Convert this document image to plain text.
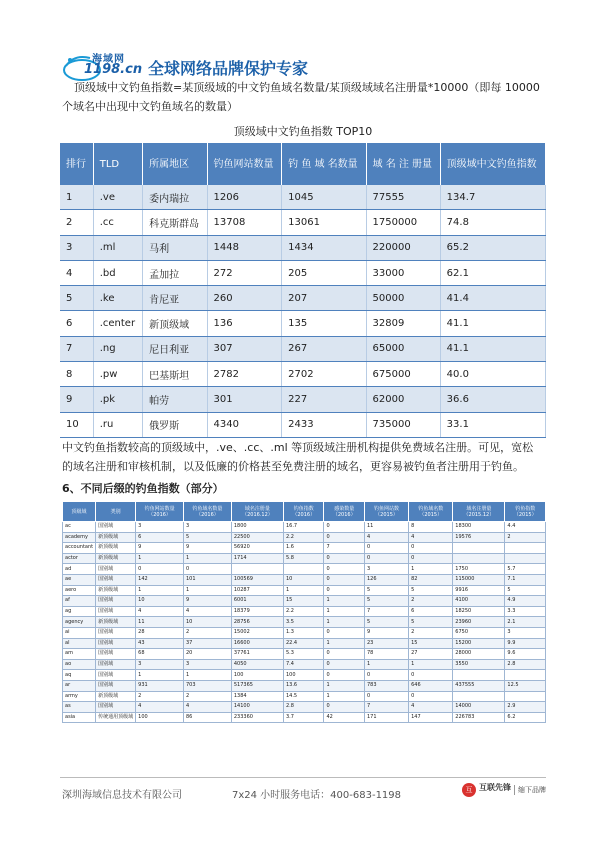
海域网
1198.cn 全球网络品牌保护专家

顶级域中文钓鱼指数=某顶级域的中文钓鱼域名数量/某顶级域域名注册量*10000（即每 10000 个域名中出现中文钓鱼域名的数量）

顶级域中文钓鱼指数 TOP10
排行	TLD	所属地区	钓鱼网站数量	钓 鱼 域 名数量	域 名 注 册量	顶级域中文钓鱼指数
1	.ve	委内瑞拉	1206	1045	77555	134.7
2	.cc	科克斯群岛	13708	13061	1750000	74.8
3	.ml	马利	1448	1434	220000	65.2
4	.bd	孟加拉	272	205	33000	62.1
5	.ke	肯尼亚	260	207	50000	41.4
6	.center	新顶级域	136	135	32809	41.1
7	.ng	尼日利亚	307	267	65000	41.1
8	.pw	巴基斯坦	2782	2702	675000	40.0
9	.pk	帕劳	301	227	62000	36.6
10	.ru	俄罗斯	4340	2433	735000	33.1

中文钓鱼指数较高的顶级域中，.ve、.cc、.ml 等顶级域注册机构提供免费域名注册。可见，宽松的域名注册和审核机制，以及低廉的价格甚至免费注册的域名，更容易被钓鱼者注册用于钓鱼。

6、不同后缀的钓鱼指数（部分）
顶级域	类别	钓鱼网站数量（2016）	钓鱼域名数量（2016）	域名注册量（2016.12）	钓鱼指数（2016）	感染数量（2016）	钓鱼网站数（2015）	钓鱼域名数（2015）	域名注册量（2015.12）	钓鱼指数（2015）
ac	国别域	3	3	1800	16.7	0	11	8	18300	4.4
academy	新顶级域	6	5	22500	2.2	0	4	4	19576	2
accountant	新顶级域	9	9	56920	1.6	7	0	0		
actor	新顶级域	1	1	1714	5.8	0	0	0		
ad	国别域	0	0			0	3	1	1750	5.7
ae	国别域	142	101	100569	10	0	126	82	115000	7.1
aero	新顶级域	1	1	10287	1	0	5	5	9916	5
af	国别域	10	9	6001	15	1	5	2	4100	4.9
ag	国别域	4	4	18379	2.2	1	7	6	18250	3.3
agency	新顶级域	11	10	28756	3.5	1	5	5	23960	2.1
ai	国别域	28	2	15002	1.3	0	9	2	6750	3
al	国别域	43	37	16600	22.4	1	23	15	15200	9.9
am	国别域	68	20	37761	5.3	0	78	27	28000	9.6
ao	国别域	3	3	4050	7.4	0	1	1	3550	2.8
aq	国别域	1	1	100	100	0	0	0		
ar	国别域	931	703	517365	13.6	1	783	646	437555	12.5
army	新顶级域	2	2	1384	14.5	1	0	0		
as	国别域	4	4	14100	2.8	0	7	4	14000	2.9
asia	传统通用顶级域	100	86	233360	3.7	42	171	147	226783	6.2
深圳海域信息技术有限公司	7x24 小时服务电话：400-683-1198	互 互联先锋	缩下品牌
